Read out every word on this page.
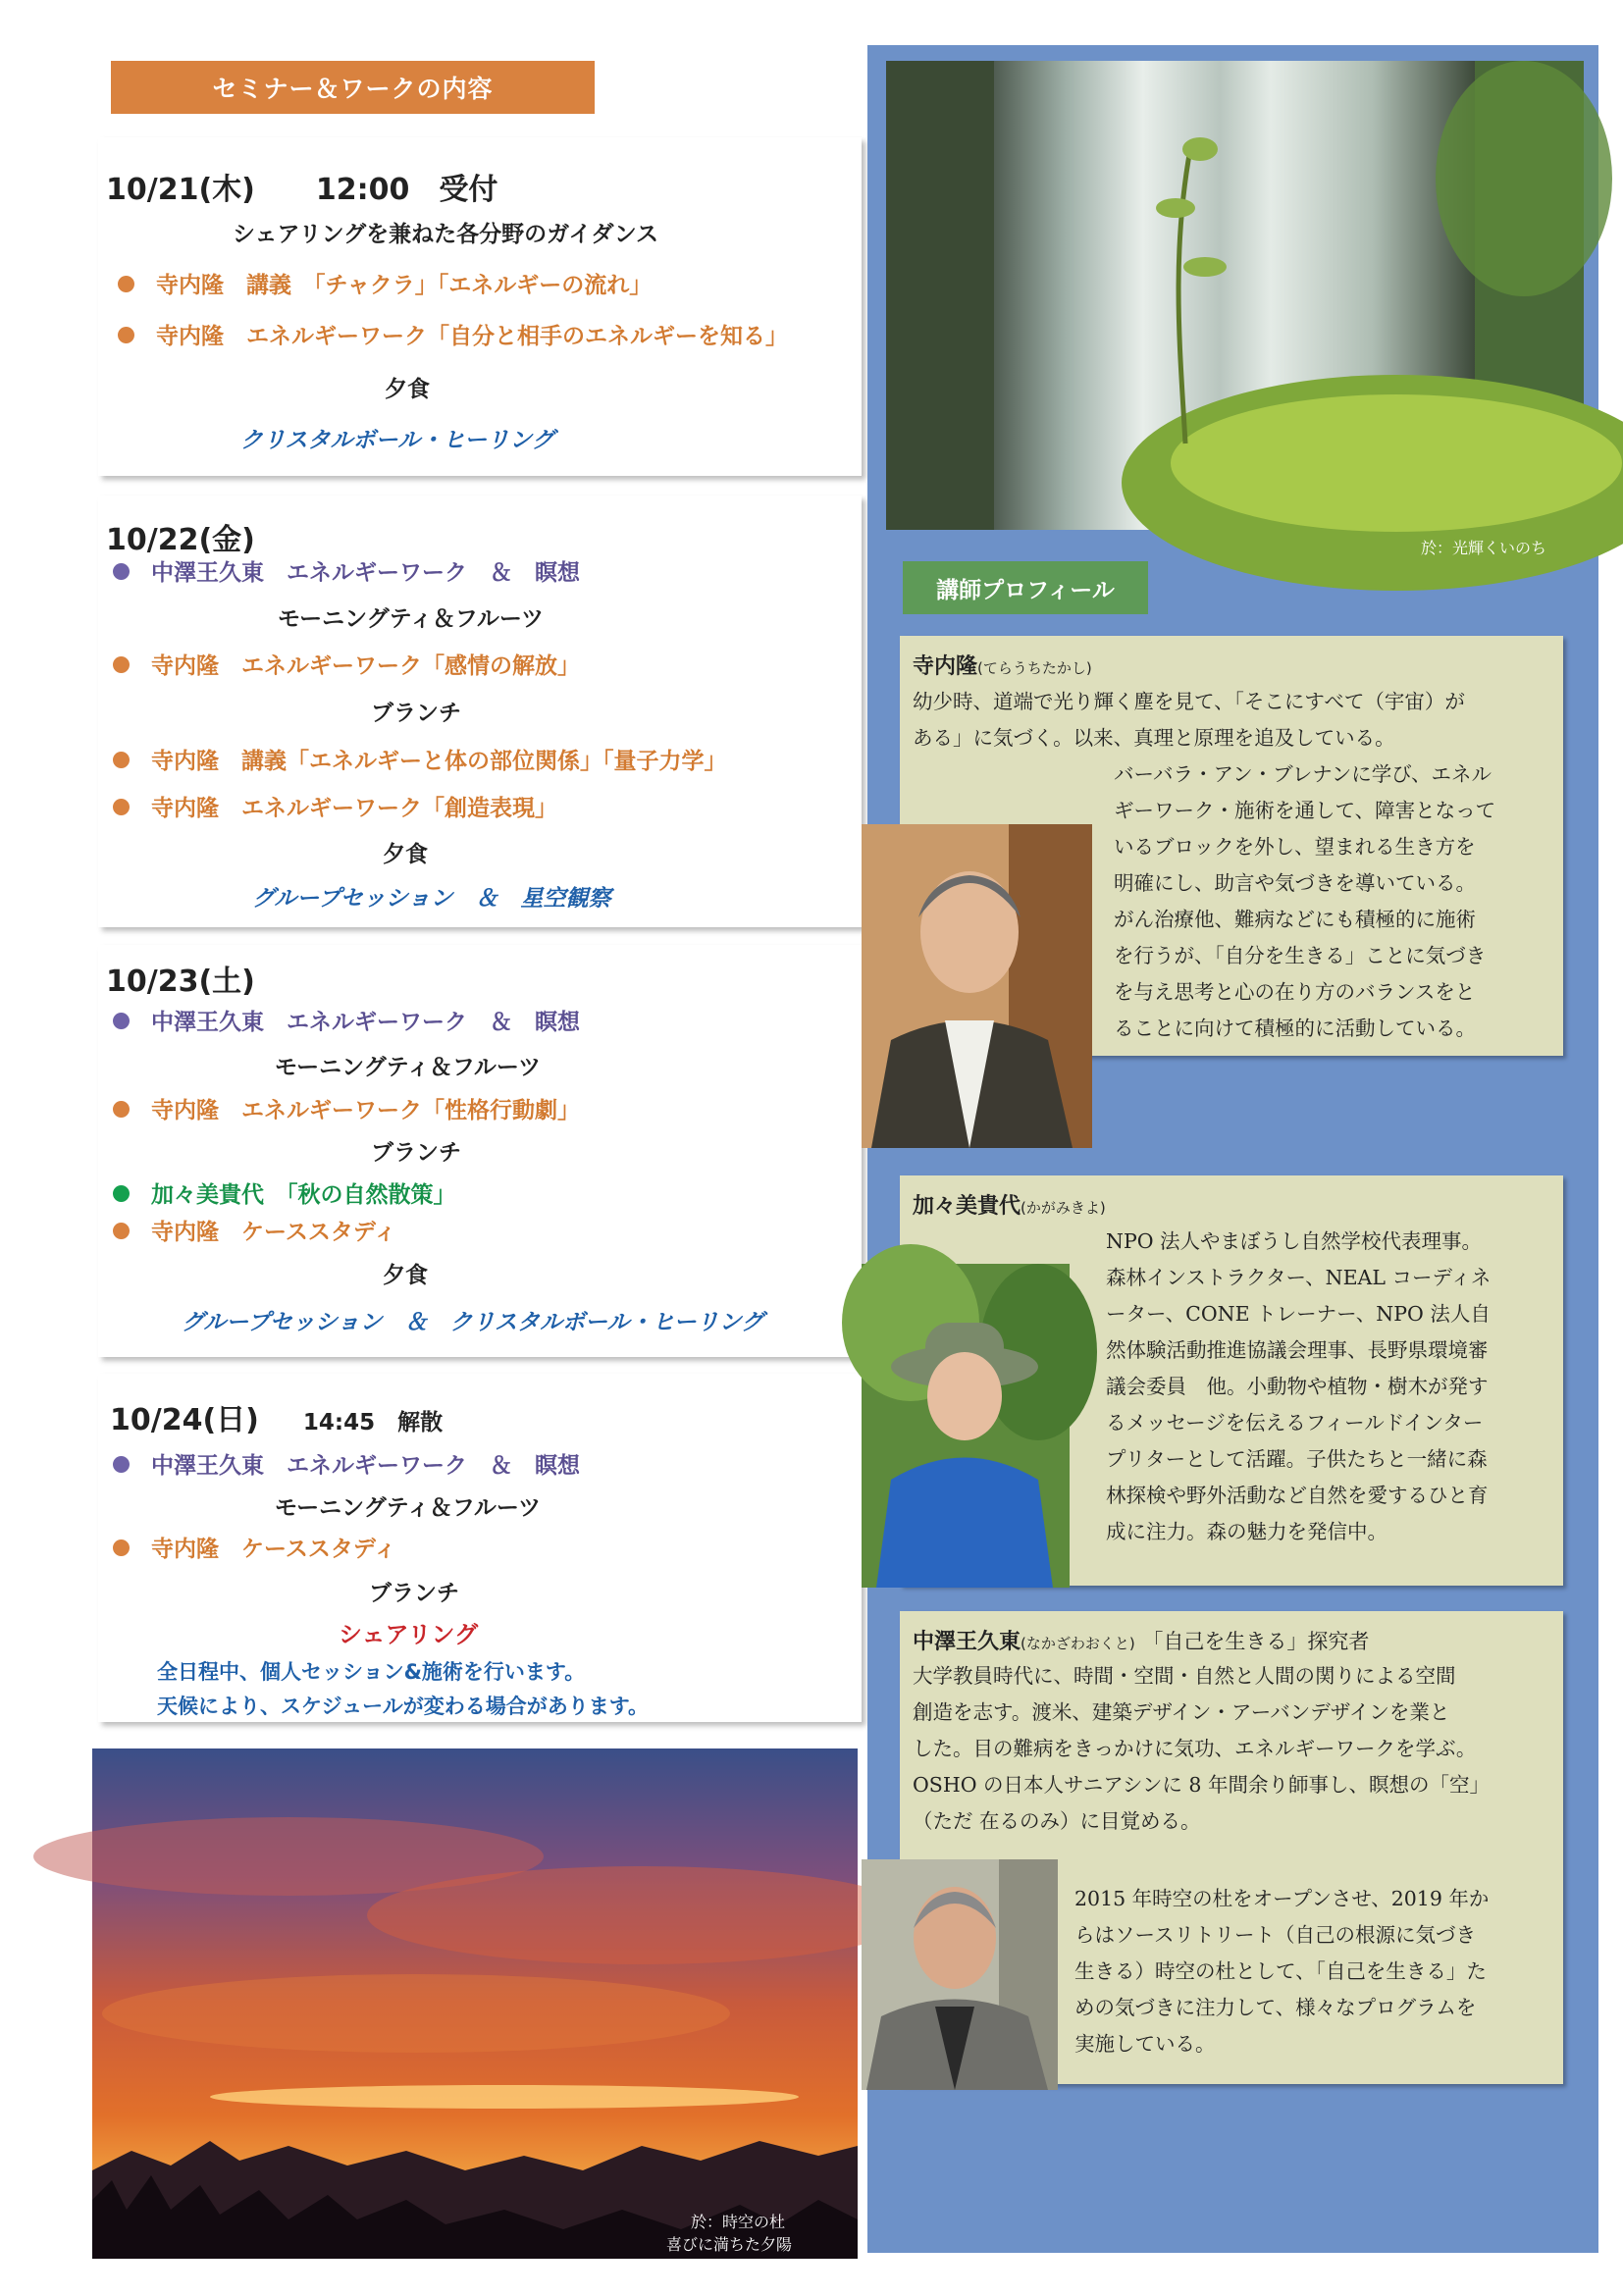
セミナー＆ワークの内容
10/21(木) 12:00　受付
シェアリングを兼ねた各分野のガイダンス
寺内隆　講義　「チャクラ」「エネルギーの流れ」
寺内隆　エネルギーワーク「自分と相手のエネルギーを知る」
夕食
クリスタルボール・ヒーリング
10/22(金)
中澤王久東　エネルギーワーク　＆　瞑想
モーニングティ＆フルーツ
寺内隆　エネルギーワーク「感情の解放」
ブランチ
寺内隆　講義「エネルギーと体の部位関係」「量子力学」
寺内隆　エネルギーワーク「創造表現」
夕食
グループセッション　＆　星空観察
10/23(土)
中澤王久東　エネルギーワーク　＆　瞑想
モーニングティ＆フルーツ
寺内隆　エネルギーワーク「性格行動劇」
ブランチ
加々美貴代　「秋の自然散策」
寺内隆　ケーススタディ
夕食
グループセッション　＆　クリスタルボール・ヒーリング
10/24(日) 14:45　解散
中澤王久東　エネルギーワーク　＆　瞑想
モーニングティ＆フルーツ
寺内隆　ケーススタディ
ブランチ
シェアリング
全日程中、個人セッション&施術を行います。
天候により、スケジュールが変わる場合があります。
於：時空の杜
喜びに満ちた夕陽
於：光輝くいのち
講師プロフィール
寺内隆(てらうちたかし)
幼少時、道端で光り輝く塵を見て、「そこにすべて（宇宙）が
ある」に気づく。以来、真理と原理を追及している。
バーバラ・アン・ブレナンに学び、エネル
ギーワーク・施術を通して、障害となって
いるブロックを外し、望まれる生き方を
明確にし、助言や気づきを導いている。
がん治療他、難病などにも積極的に施術
を行うが、「自分を生きる」ことに気づき
を与え思考と心の在り方のバランスをと
ることに向けて積極的に活動している。
加々美貴代(かがみきよ)
NPO 法人やまぼうし自然学校代表理事。
森林インストラクター、NEAL コーディネ
ーター、CONE トレーナー、NPO 法人自
然体験活動推進協議会理事、長野県環境審
議会委員　他。小動物や植物・樹木が発す
るメッセージを伝えるフィールドインター
プリターとして活躍。子供たちと一緒に森
林探検や野外活動など自然を愛するひと育
成に注力。森の魅力を発信中。
中澤王久東(なかざわおくと) 「自己を生きる」探究者
大学教員時代に、時間・空間・自然と人間の関りによる空間
創造を志す。渡米、建築デザイン・アーバンデザインを業と
した。目の難病をきっかけに気功、エネルギーワークを学ぶ。
OSHO の日本人サニアシンに 8 年間余り師事し、瞑想の「空」
（ただ 在るのみ）に目覚める。
2015 年時空の杜をオープンさせ、2019 年か
らはソースリトリート（自己の根源に気づき
生きる）時空の杜として、「自己を生きる」た
めの気づきに注力して、様々なプログラムを
実施している。
